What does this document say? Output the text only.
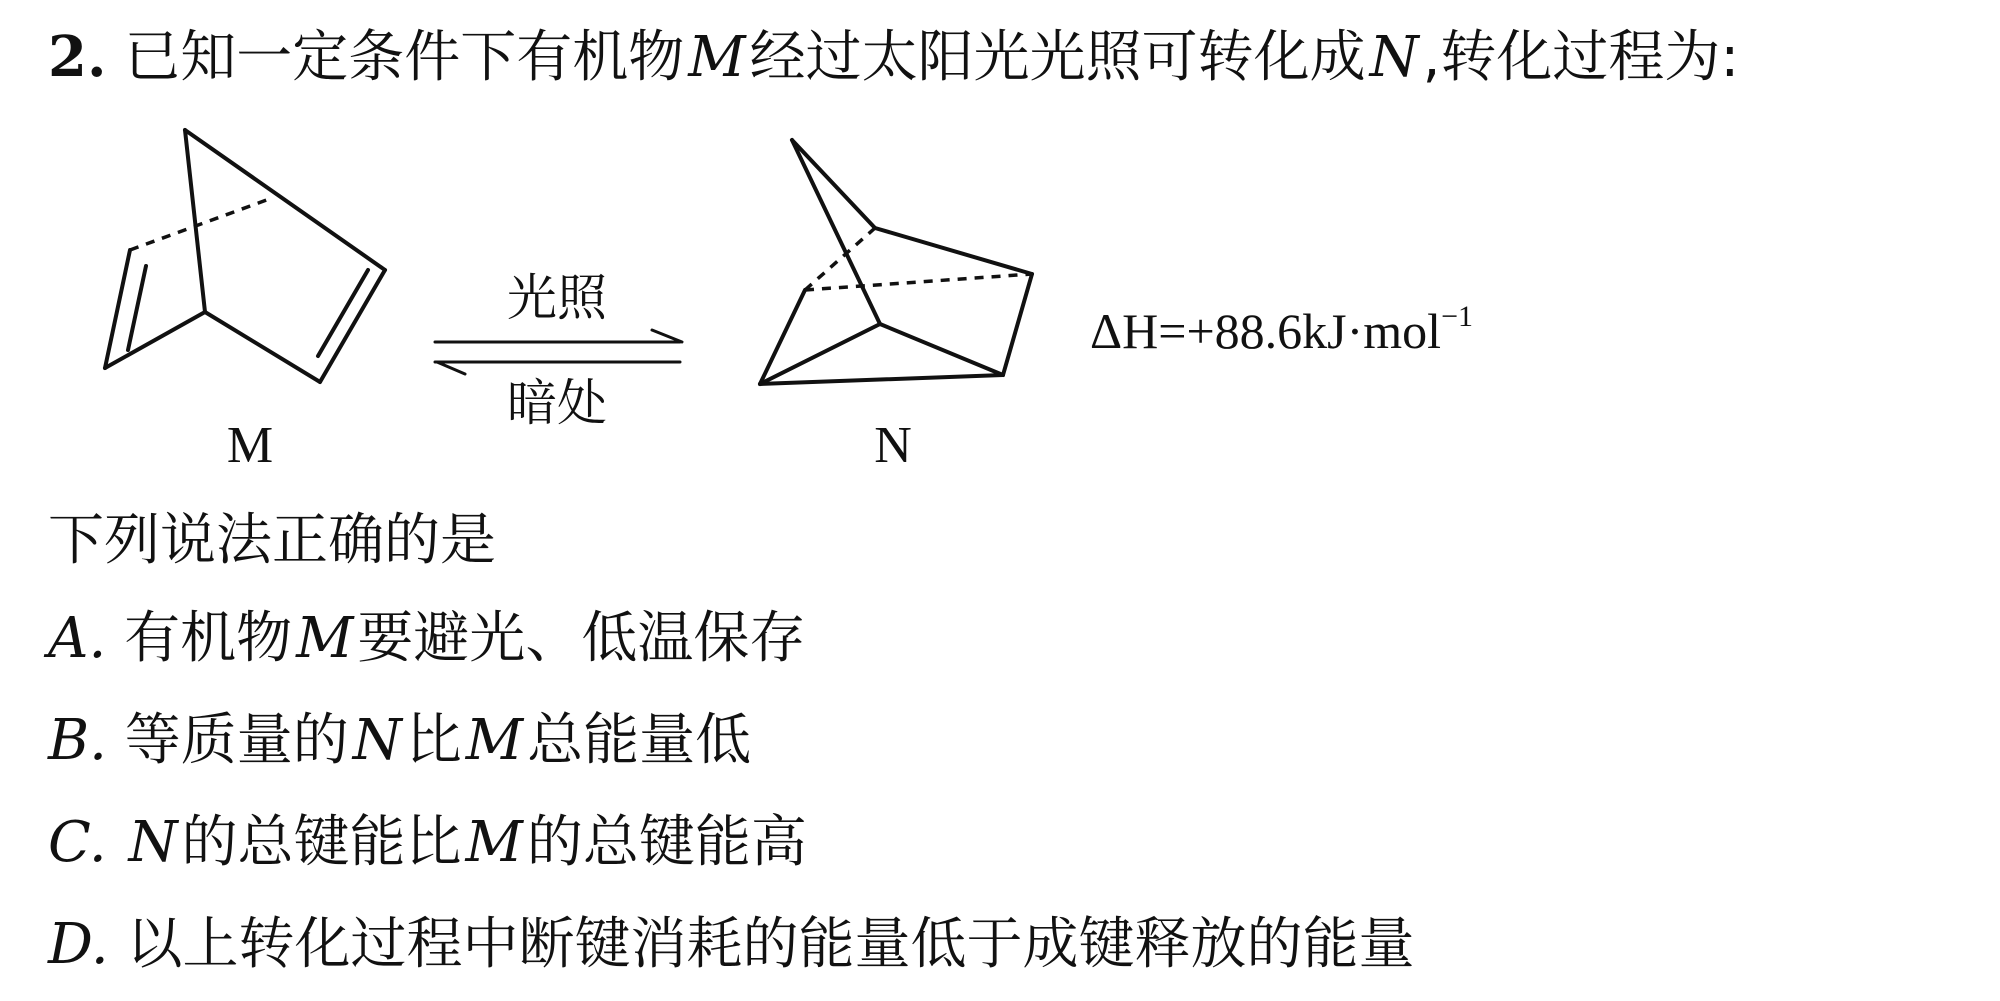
2. 已知一定条件下有机物M经过太阳光光照可转化成N,转化过程为:
M
光照
暗处
N
ΔH=+88.6kJ·mol$^{-1}$
下列说法正确的是
A. 有机物M要避光、低温保存
B. 等质量的N比M总能量低
C. N的总键能比M的总键能高
D. 以上转化过程中断键消耗的能量低于成键释放的能量
